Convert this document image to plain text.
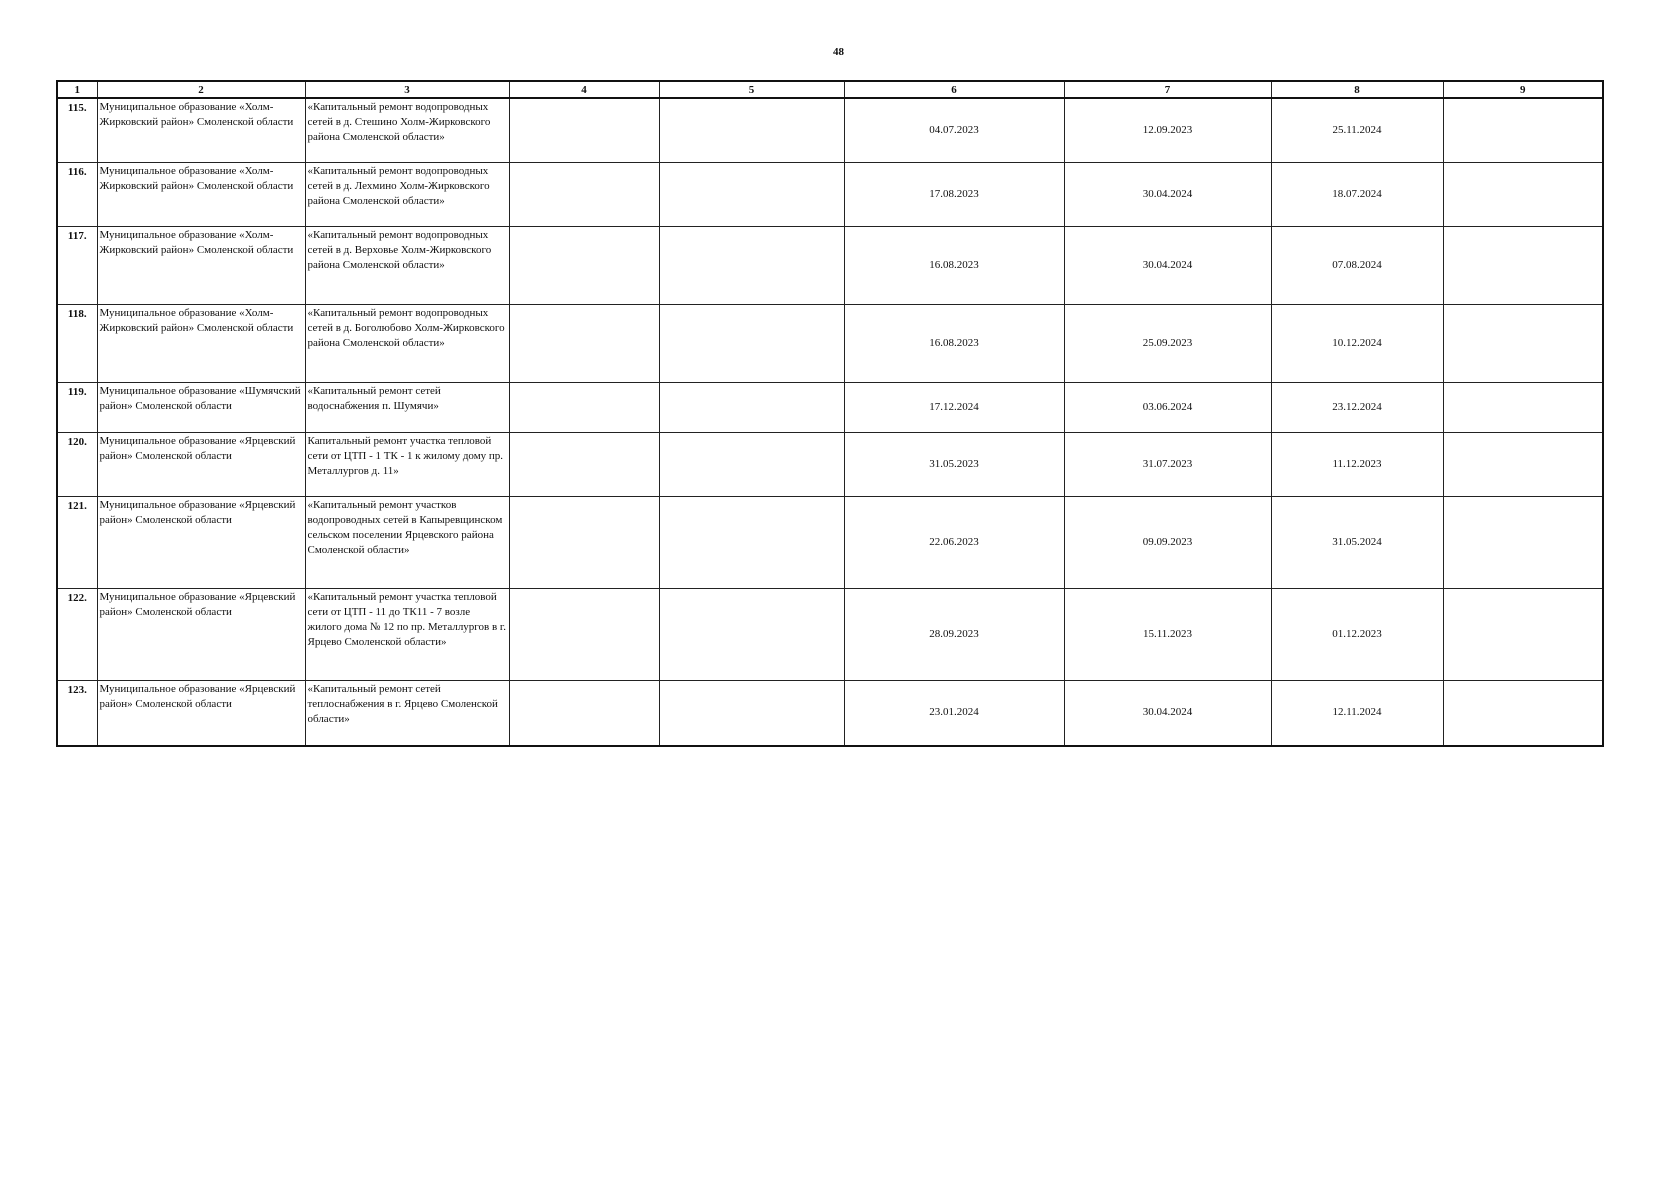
48
1	2	3	4	5	6	7	8	9
115.	Муниципальное образование «Холм-Жирковский район» Смоленской области	«Капитальный ремонт водопроводных сетей в д. Стешино Холм-Жирковского района Смоленской области»			04.07.2023	12.09.2023	25.11.2024	
116.	Муниципальное образование «Холм-Жирковский район» Смоленской области	«Капитальный ремонт водопроводных сетей в д. Лехмино Холм-Жирковского района Смоленской области»			17.08.2023	30.04.2024	18.07.2024	
117.	Муниципальное образование «Холм-Жирковский район» Смоленской области	«Капитальный ремонт водопроводных сетей в д. Верховье Холм-Жирковского района Смоленской области»			16.08.2023	30.04.2024	07.08.2024	
118.	Муниципальное образование «Холм-Жирковский район» Смоленской области	«Капитальный ремонт водопроводных сетей в д. Боголюбово Холм-Жирковского района Смоленской области»			16.08.2023	25.09.2023	10.12.2024	
119.	Муниципальное образование «Шумячский район» Смоленской области	«Капитальный ремонт сетей водоснабжения п. Шумячи»			17.12.2024	03.06.2024	23.12.2024	
120.	Муниципальное образование «Ярцевский район» Смоленской области	Капитальный ремонт участка тепловой сети от ЦТП - 1 ТК - 1 к жилому дому пр. Металлургов д. 11»			31.05.2023	31.07.2023	11.12.2023	
121.	Муниципальное образование «Ярцевский район» Смоленской области	«Капитальный ремонт участков водопроводных сетей в Капыревщинском сельском поселении Ярцевского района Смоленской области»			22.06.2023	09.09.2023	31.05.2024	
122.	Муниципальное образование «Ярцевский район» Смоленской области	«Капитальный ремонт участка тепловой сети от ЦТП - 11 до ТК11 - 7 возле жилого дома № 12 по пр. Металлургов в г. Ярцево Смоленской области»			28.09.2023	15.11.2023	01.12.2023	
123.	Муниципальное образование «Ярцевский район» Смоленской области	«Капитальный ремонт сетей теплоснабжения в г. Ярцево Смоленской области»			23.01.2024	30.04.2024	12.11.2024	
